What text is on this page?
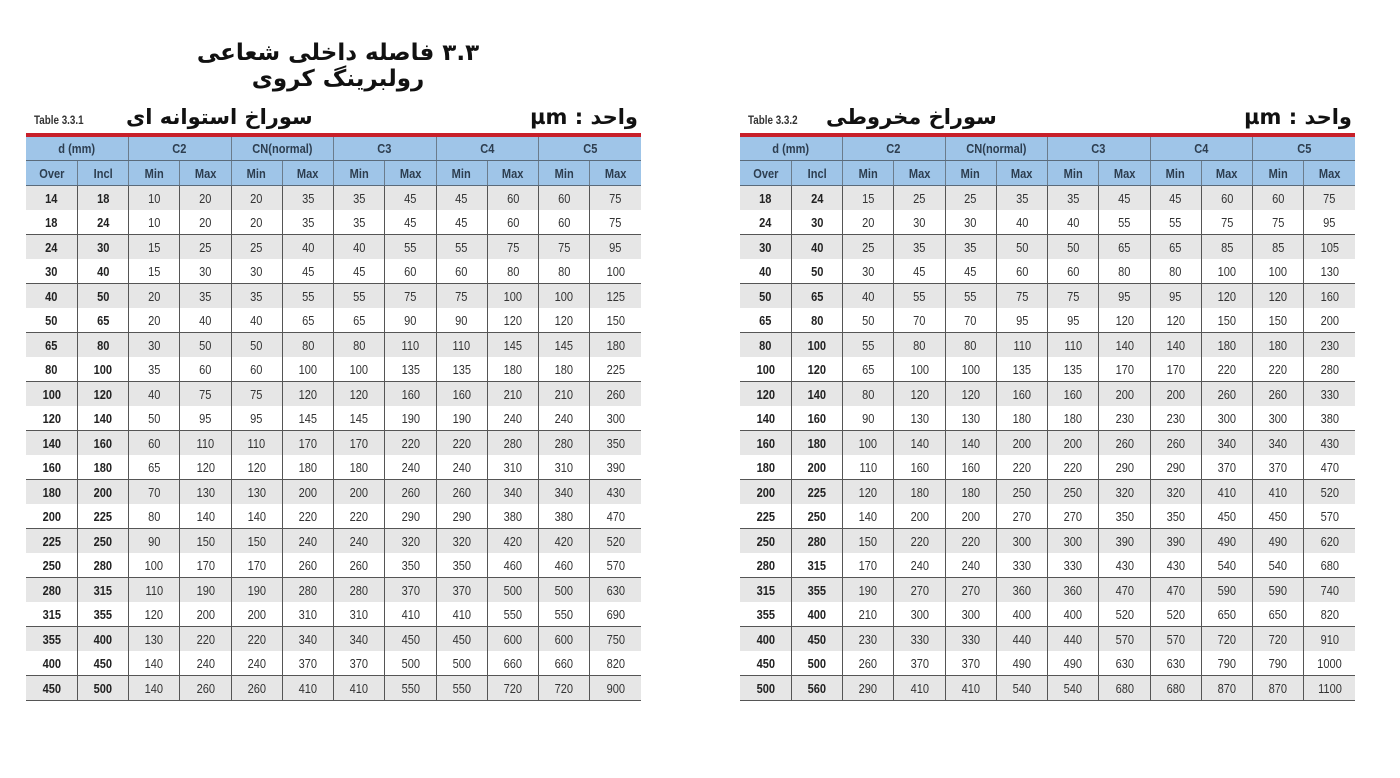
۳.۳ فاصله داخلی شعاعی رولبرینگ کروی
Table 3.3.1 سوراخ استوانه ای	واحد : µm
d (mm)		C2		CN(normal)		C3		C4		C5	
Over	Incl	Min	Max	Min	Max	Min	Max	Min	Max	Min	Max
14	18	10	20	20	35	35	45	45	60	60	75
18	24	10	20	20	35	35	45	45	60	60	75
24	30	15	25	25	40	40	55	55	75	75	95
30	40	15	30	30	45	45	60	60	80	80	100
40	50	20	35	35	55	55	75	75	100	100	125
50	65	20	40	40	65	65	90	90	120	120	150
65	80	30	50	50	80	80	110	110	145	145	180
80	100	35	60	60	100	100	135	135	180	180	225
100	120	40	75	75	120	120	160	160	210	210	260
120	140	50	95	95	145	145	190	190	240	240	300
140	160	60	110	110	170	170	220	220	280	280	350
160	180	65	120	120	180	180	240	240	310	310	390
180	200	70	130	130	200	200	260	260	340	340	430
200	225	80	140	140	220	220	290	290	380	380	470
225	250	90	150	150	240	240	320	320	420	420	520
250	280	100	170	170	260	260	350	350	460	460	570
280	315	110	190	190	280	280	370	370	500	500	630
315	355	120	200	200	310	310	410	410	550	550	690
355	400	130	220	220	340	340	450	450	600	600	750
400	450	140	240	240	370	370	500	500	660	660	820
450	500	140	260	260	410	410	550	550	720	720	900
Table 3.3.2 سوراخ مخروطی	واحد : µm
d (mm)		C2		CN(normal)		C3		C4		C5	
Over	Incl	Min	Max	Min	Max	Min	Max	Min	Max	Min	Max
18	24	15	25	25	35	35	45	45	60	60	75
24	30	20	30	30	40	40	55	55	75	75	95
30	40	25	35	35	50	50	65	65	85	85	105
40	50	30	45	45	60	60	80	80	100	100	130
50	65	40	55	55	75	75	95	95	120	120	160
65	80	50	70	70	95	95	120	120	150	150	200
80	100	55	80	80	110	110	140	140	180	180	230
100	120	65	100	100	135	135	170	170	220	220	280
120	140	80	120	120	160	160	200	200	260	260	330
140	160	90	130	130	180	180	230	230	300	300	380
160	180	100	140	140	200	200	260	260	340	340	430
180	200	110	160	160	220	220	290	290	370	370	470
200	225	120	180	180	250	250	320	320	410	410	520
225	250	140	200	200	270	270	350	350	450	450	570
250	280	150	220	220	300	300	390	390	490	490	620
280	315	170	240	240	330	330	430	430	540	540	680
315	355	190	270	270	360	360	470	470	590	590	740
355	400	210	300	300	400	400	520	520	650	650	820
400	450	230	330	330	440	440	570	570	720	720	910
450	500	260	370	370	490	490	630	630	790	790	1000
500	560	290	410	410	540	540	680	680	870	870	1100
